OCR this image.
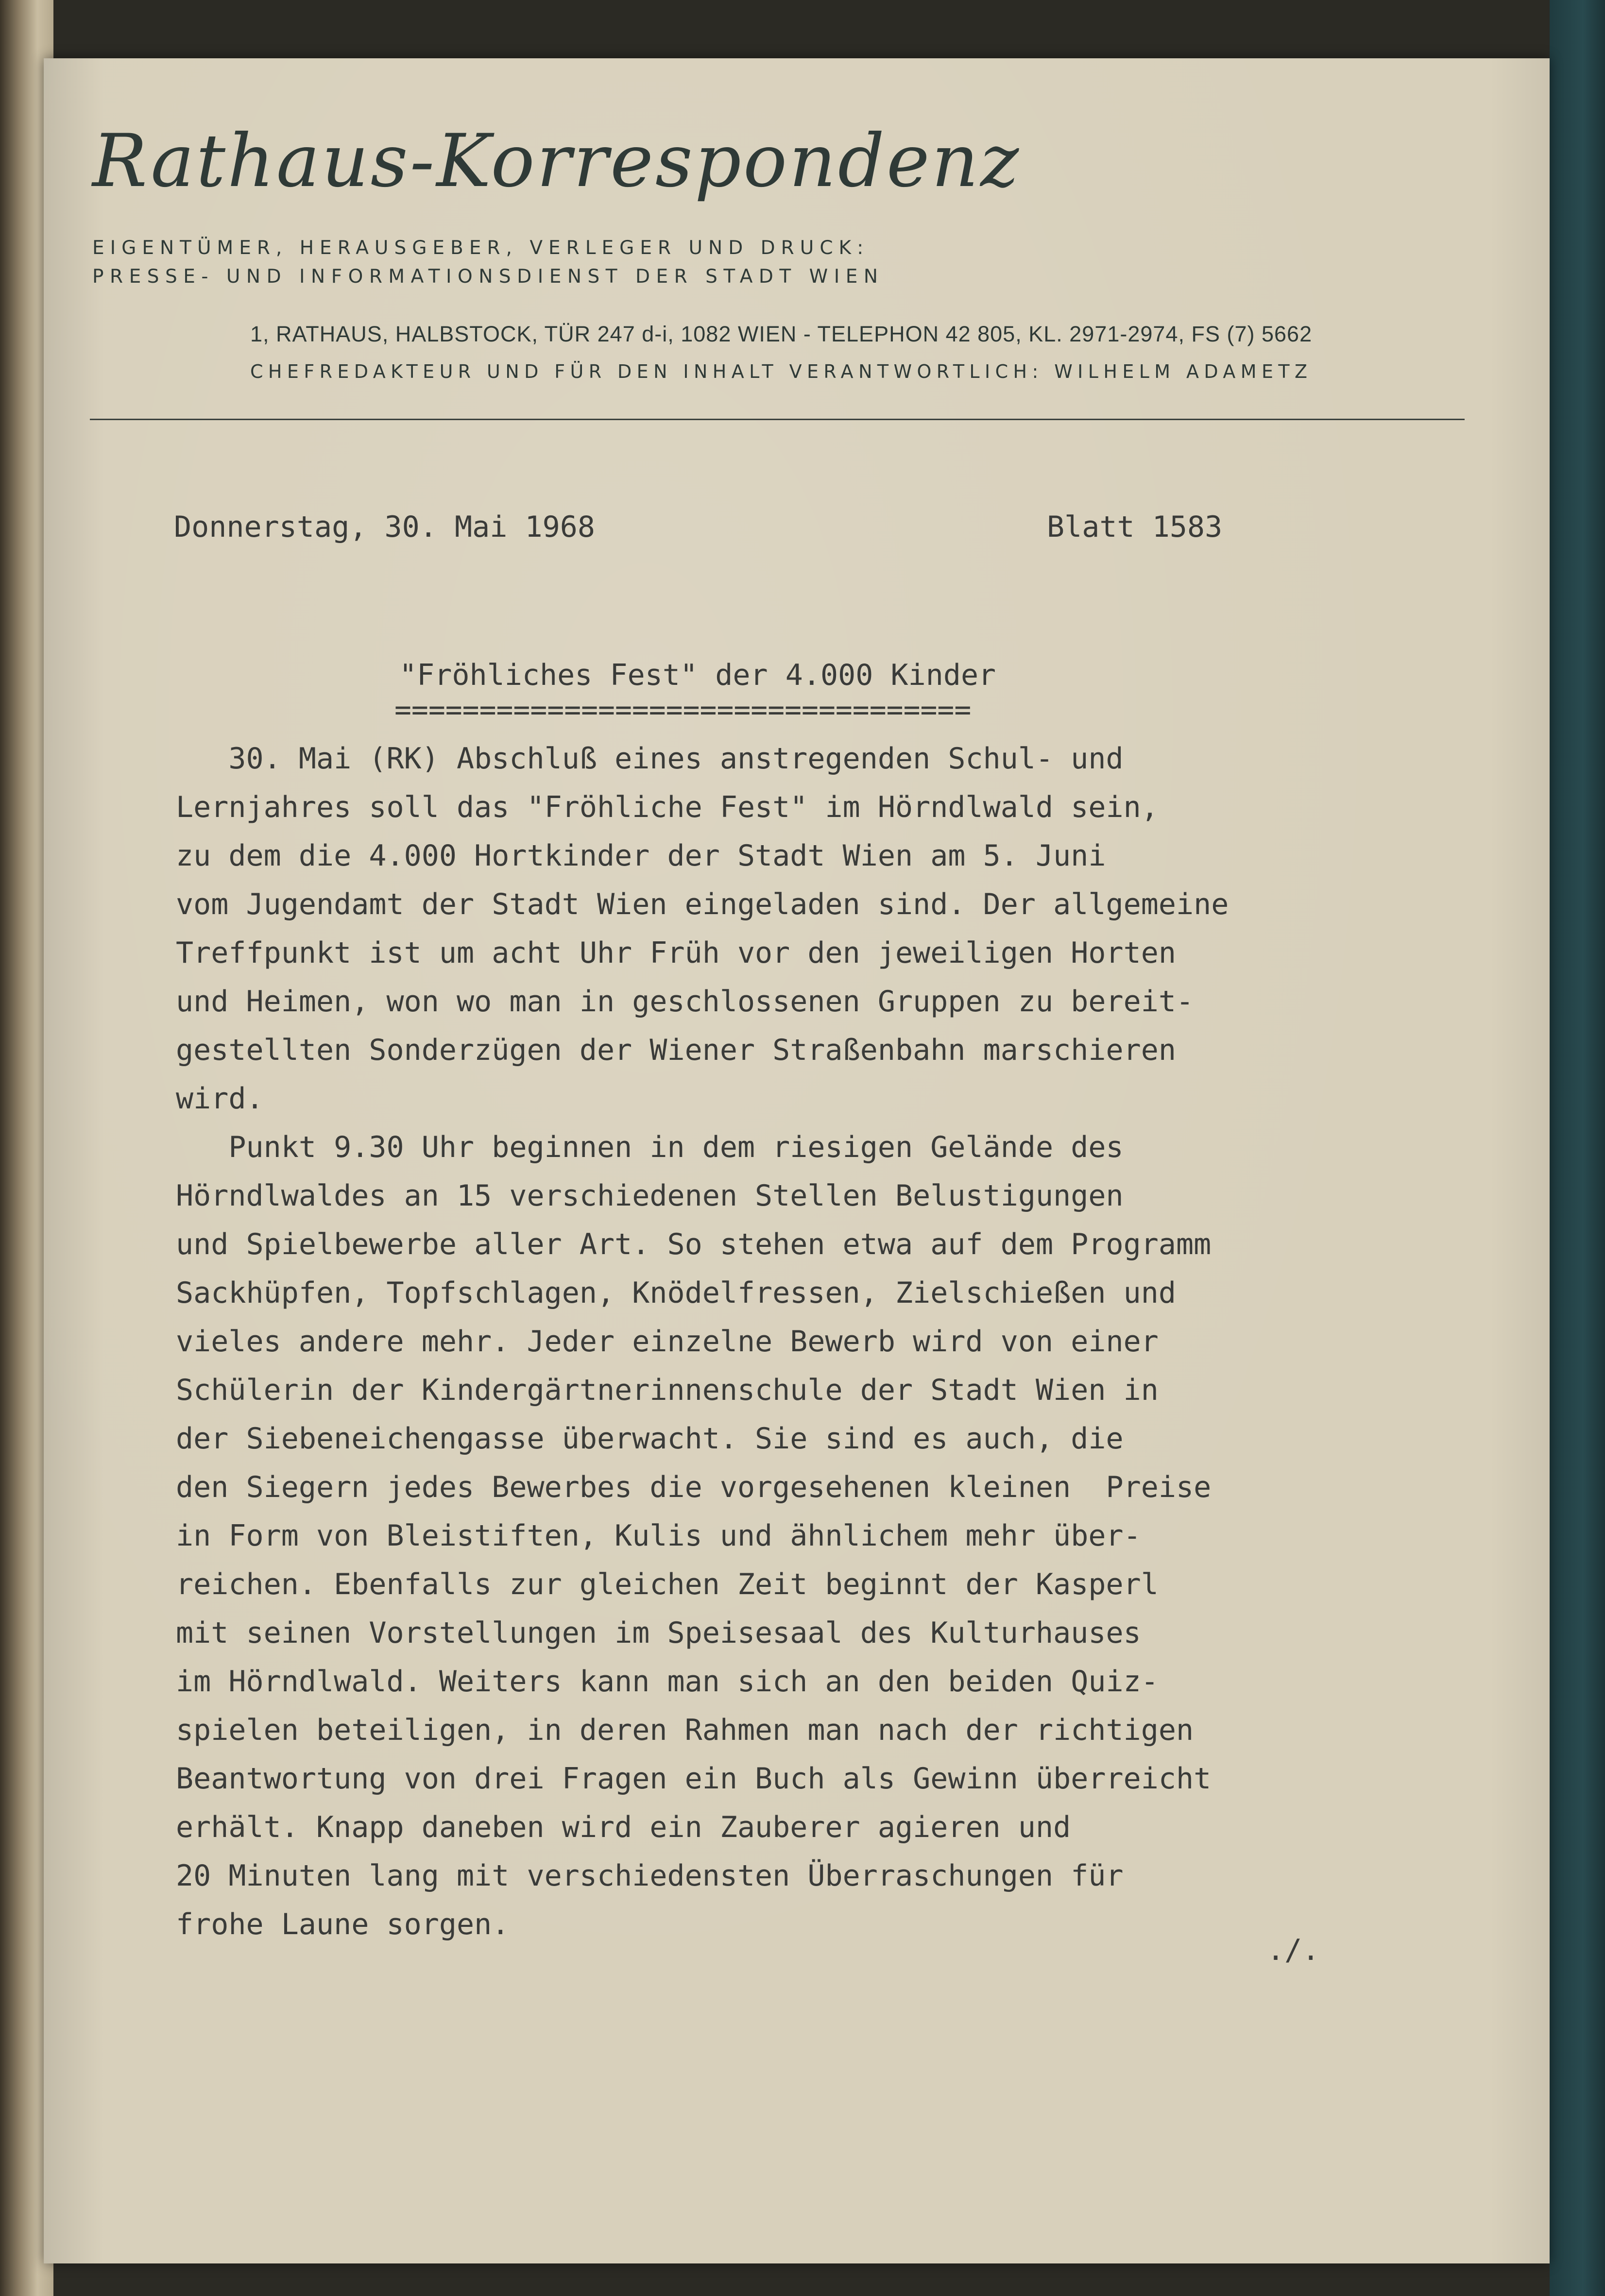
Rathaus-Korrespondenz
EIGENTÜMER, HERAUSGEBER, VERLEGER UND DRUCK:
PRESSE- UND INFORMATIONSDIENST DER STADT WIEN
1, RATHAUS, HALBSTOCK, TÜR 247 d-i, 1082 WIEN - TELEPHON 42 805, KL. 2971-2974, FS (7) 5662
CHEFREDAKTEUR UND FÜR DEN INHALT VERANTWORTLICH: WILHELM ADAMETZ
Donnerstag, 30. Mai 1968	Blatt 1583
"Fröhliches Fest" der 4.000 Kinder
==================================
30. Mai (RK) Abschluß eines anstregenden Schul- und
Lernjahres soll das "Fröhliche Fest" im Hörndlwald sein,
zu dem die 4.000 Hortkinder der Stadt Wien am 5. Juni
vom Jugendamt der Stadt Wien eingeladen sind. Der allgemeine
Treffpunkt ist um acht Uhr Früh vor den jeweiligen Horten
und Heimen, won wo man in geschlossenen Gruppen zu bereit-
gestellten Sonderzügen der Wiener Straßenbahn marschieren
wird.
Punkt 9.30 Uhr beginnen in dem riesigen Gelände des
Hörndlwaldes an 15 verschiedenen Stellen Belustigungen
und Spielbewerbe aller Art. So stehen etwa auf dem Programm
Sackhüpfen, Topfschlagen, Knödelfressen, Zielschießen und
vieles andere mehr. Jeder einzelne Bewerb wird von einer
Schülerin der Kindergärtnerinnenschule der Stadt Wien in
der Siebeneichengasse überwacht. Sie sind es auch, die
den Siegern jedes Bewerbes die vorgesehenen kleinen  Preise
in Form von Bleistiften, Kulis und ähnlichem mehr über-
reichen. Ebenfalls zur gleichen Zeit beginnt der Kasperl
mit seinen Vorstellungen im Speisesaal des Kulturhauses
im Hörndlwald. Weiters kann man sich an den beiden Quiz-
spielen beteiligen, in deren Rahmen man nach der richtigen
Beantwortung von drei Fragen ein Buch als Gewinn überreicht
erhält. Knapp daneben wird ein Zauberer agieren und
20 Minuten lang mit verschiedensten Überraschungen für
frohe Laune sorgen.
./.
